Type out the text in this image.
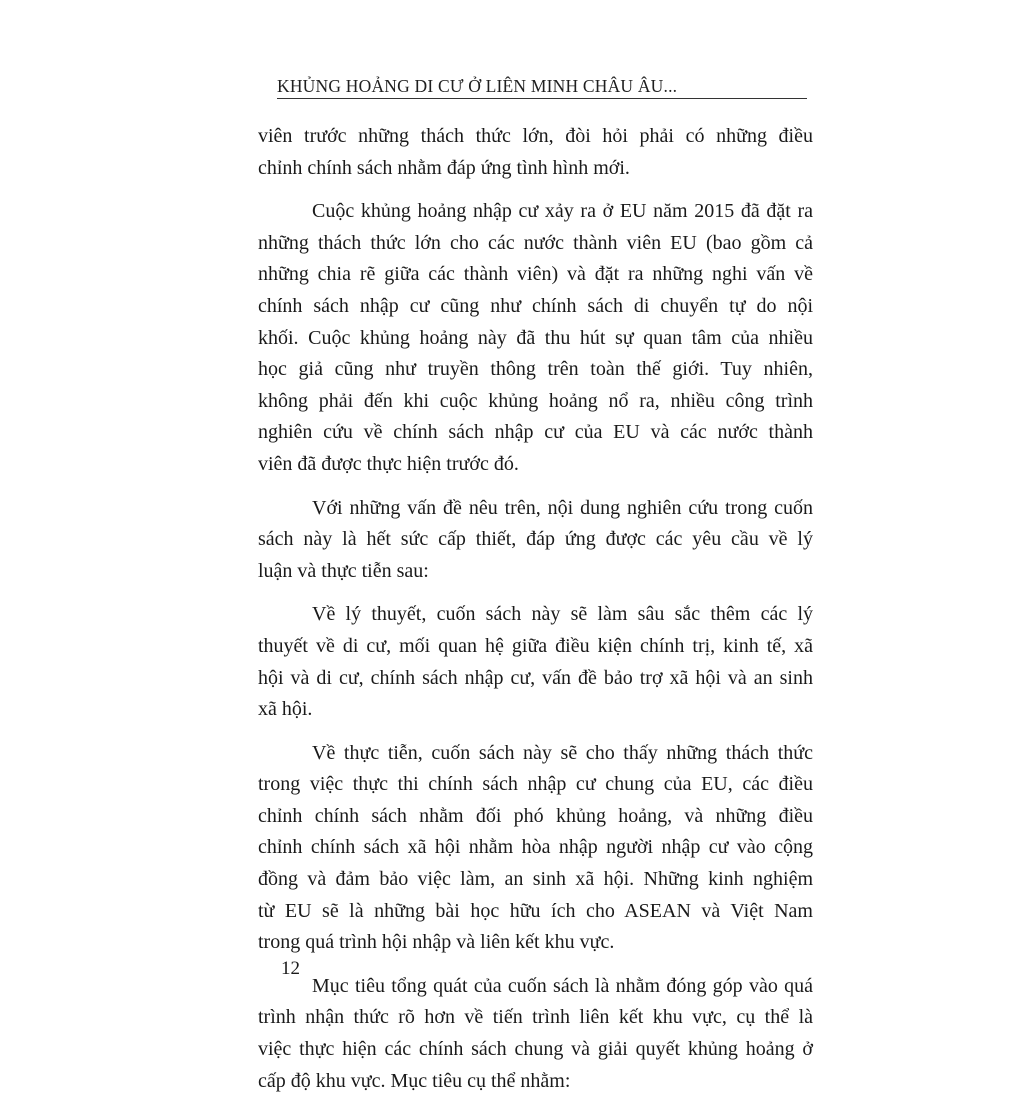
KHỦNG HOẢNG DI CƯ Ở LIÊN MINH CHÂU ÂU...

viên trước những thách thức lớn, đòi hỏi phải có những điều
chỉnh chính sách nhằm đáp ứng tình hình mới.

Cuộc khủng hoảng nhập cư xảy ra ở EU năm 2015 đã đặt ra
những thách thức lớn cho các nước thành viên EU (bao gồm cả
những chia rẽ giữa các thành viên) và đặt ra những nghi vấn về
chính sách nhập cư cũng như chính sách di chuyển tự do nội
khối. Cuộc khủng hoảng này đã thu hút sự quan tâm của nhiều
học giả cũng như truyền thông trên toàn thế giới. Tuy nhiên,
không phải đến khi cuộc khủng hoảng nổ ra, nhiều công trình
nghiên cứu về chính sách nhập cư của EU và các nước thành
viên đã được thực hiện trước đó.

Với những vấn đề nêu trên, nội dung nghiên cứu trong cuốn
sách này là hết sức cấp thiết, đáp ứng được các yêu cầu về lý
luận và thực tiễn sau:

Về lý thuyết, cuốn sách này sẽ làm sâu sắc thêm các lý
thuyết về di cư, mối quan hệ giữa điều kiện chính trị, kinh tế, xã
hội và di cư, chính sách nhập cư, vấn đề bảo trợ xã hội và an sinh
xã hội.

Về thực tiễn, cuốn sách này sẽ cho thấy những thách thức
trong việc thực thi chính sách nhập cư chung của EU, các điều
chỉnh chính sách nhằm đối phó khủng hoảng, và những điều
chỉnh chính sách xã hội nhằm hòa nhập người nhập cư vào cộng
đồng và đảm bảo việc làm, an sinh xã hội. Những kinh nghiệm
từ EU sẽ là những bài học hữu ích cho ASEAN và Việt Nam
trong quá trình hội nhập và liên kết khu vực.

Mục tiêu tổng quát của cuốn sách là nhằm đóng góp vào quá
trình nhận thức rõ hơn về tiến trình liên kết khu vực, cụ thể là
việc thực hiện các chính sách chung và giải quyết khủng hoảng ở
cấp độ khu vực. Mục tiêu cụ thể nhằm:

12
